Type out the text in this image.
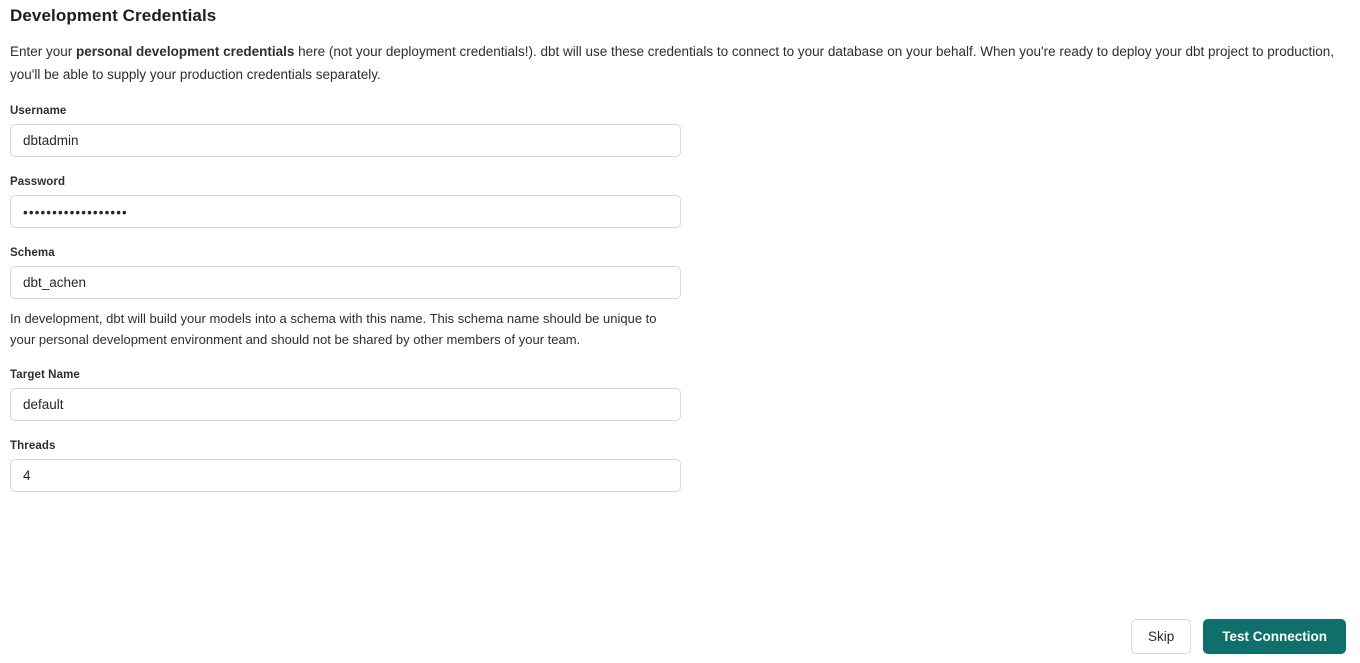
Development Credentials

Enter your personal development credentials here (not your deployment credentials!). dbt will use these credentials to connect to your database on your behalf. When you're ready to deploy your dbt project to production, you'll be able to supply your production credentials separately.

Username
dbtadmin
Password
••••••••••••••••••
Schema
dbt_achen
In development, dbt will build your models into a schema with this name. This schema name should be unique to your personal development environment and should not be shared by other members of your team.
Target Name
default
Threads
4
Skip	Test Connection
